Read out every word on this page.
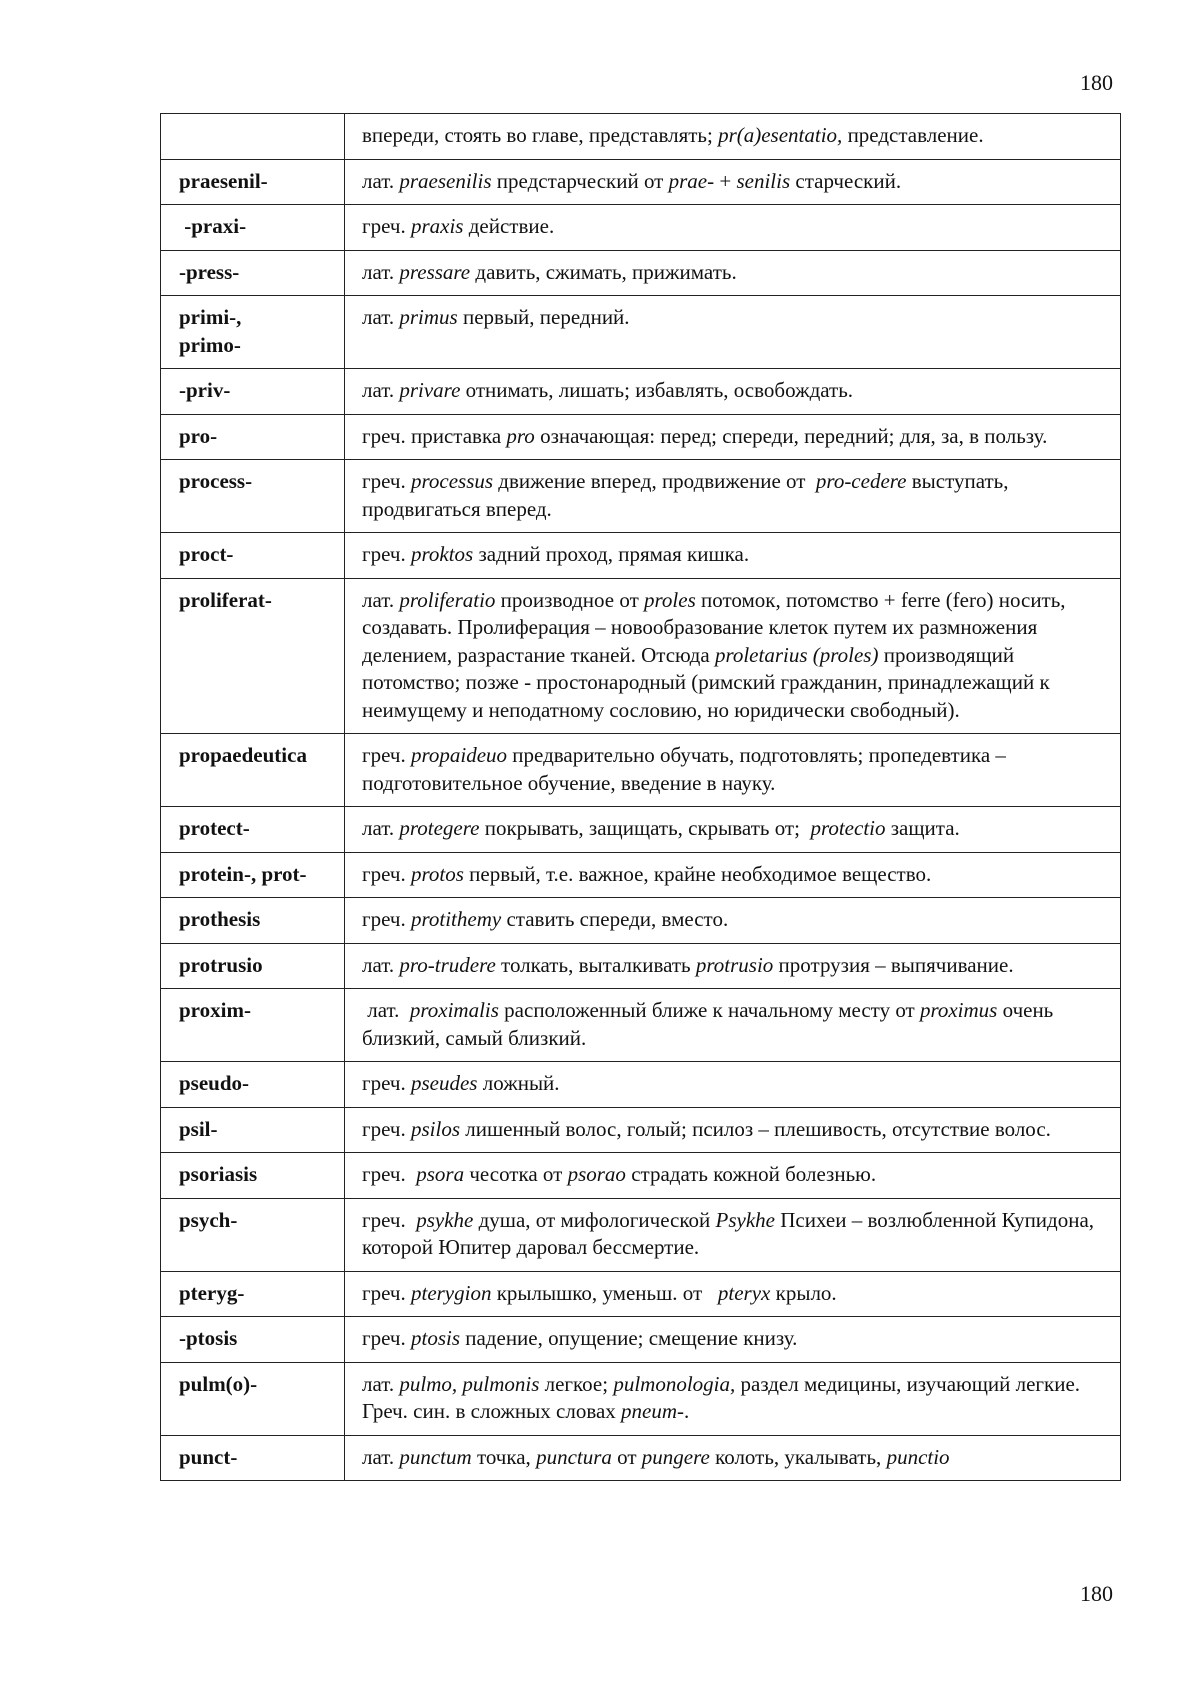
180
	впереди, стоять во главе, представлять; pr(a)esentatio, представление.

praesenil-	лат. praesenilis предстарческий от prae- + senilis старческий.

-praxi-	греч. praxis действие.

-press-	лат. pressare давить, сжимать, прижимать.

primi-,
primo-	лат. primus первый, передний.

-priv-	лат. privare отнимать, лишать; избавлять, освобождать.

pro-	греч. приставка pro означающая: перед; спереди, передний; для, за, в пользу.

process-	греч. processus движение вперед, продвижение от  pro-cedere выступать, продвигаться вперед.

proct-	греч. proktos задний проход, прямая кишка.

proliferat-	лат. proliferatio производное от proles потомок, потомство + ferre (fero) носить, создавать. Пролиферация – новообразование клеток путем их размножения делением, разрастание тканей. Отсюда proletarius (proles) производящий потомство; позже - простонародный (римский гражданин, принадлежащий к неимущему и неподатному сословию, но юридически свободный).

propaedeutica	греч. propaideuo предварительно обучать, подготовлять; пропедевтика – подготовительное обучение, введение в науку.

protect-	лат. protegere покрывать, защищать, скрывать от;  protectio защита.

protein-, prot-	греч. protos первый, т.е. важное, крайне необходимое вещество.

prothesis	греч. protithemy ставить спереди, вместо.

protrusio	лат. pro-trudere толкать, выталкивать protrusio протрузия – выпячивание.

proxim-	лат.  proximalis расположенный ближе к начальному месту от proximus очень близкий, самый близкий.

pseudo-	греч. pseudes ложный.

psil-	греч. psilos лишенный волос, голый; псилоз – плешивость, отсутствие волос.

psoriasis	греч.  psora чесотка от psorao страдать кожной болезнью.

psych-	греч.  psykhe душа, от мифологической Psykhe Психеи – возлюбленной Купидона, которой Юпитер даровал бессмертие.

pteryg-	греч. pterygion крылышко, уменьш. от   pteryx крыло.

-ptosis	греч. ptosis падение, опущение; смещение книзу.

pulm(o)-	лат. pulmo, pulmonis легкое; pulmonologia, раздел медицины, изучающий легкие. Греч. син. в сложных словах pneum-.

punct-	лат. punctum точка, punctura от pungere колоть, укалывать, punctio
180
